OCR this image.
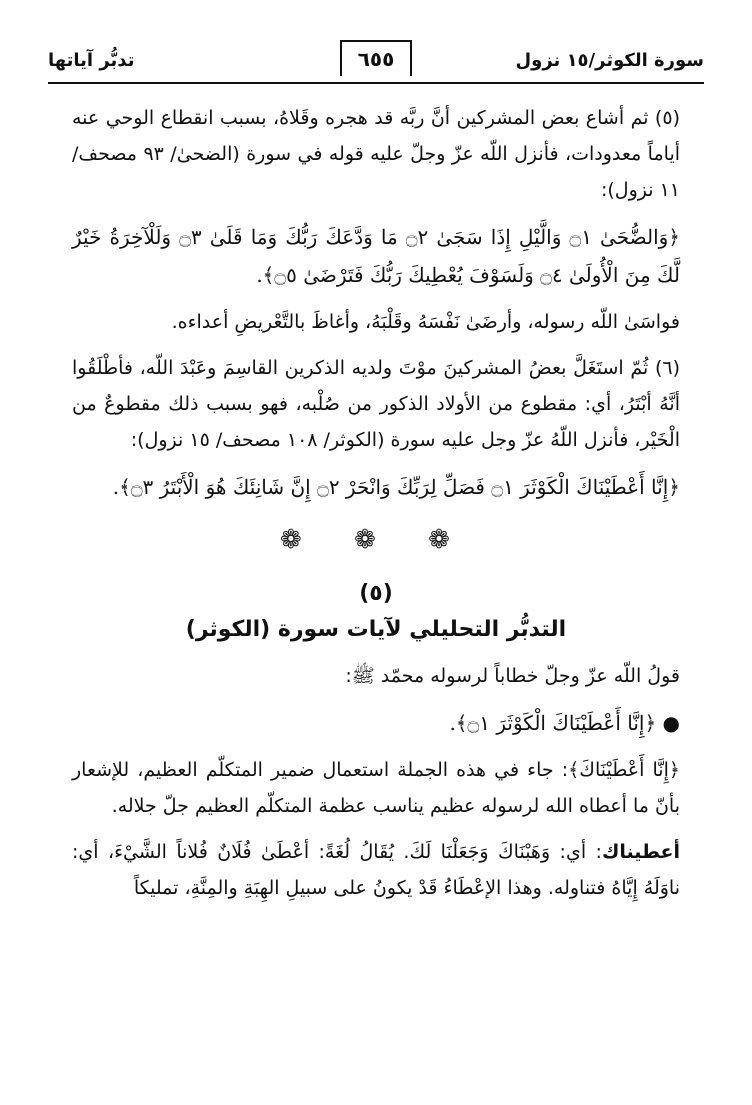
سورة الكوثر/١٥ نزول
٦٥٥
تدبُّر آياتها

(٥) ثم أشاع بعض المشركين أنَّ ربَّه قد هجره وقَلاهُ، بسبب انقطاع الوحي عنه أياماً معدودات، فأنزل اللّه عزّ وجلّ عليه قوله في سورة (الضحىٰ/ ٩٣ مصحف/ ١١ نزول):

﴿وَالضُّحَىٰ ۝١ وَالَّيْلِ إِذَا سَجَىٰ ۝٢ مَا وَدَّعَكَ رَبُّكَ وَمَا قَلَىٰ ۝٣ وَلَلْآخِرَةُ خَيْرٌ لَّكَ مِنَ الْأُولَىٰ ۝٤ وَلَسَوْفَ يُعْطِيكَ رَبُّكَ فَتَرْضَىٰ ۝٥﴾.

فواسَىٰ اللّه رسوله، وأرضَىٰ نَفْسَهُ وقَلْبَهُ، وأغاظَ بالتَّعْريضِ أعداءه.

(٦) ثُمّ استَغَلَّ بعضُ المشركينَ موْتَ ولديه الذكرين القاسِمَ وعَبْدَ اللّه، فأطْلَقُوا أنَّهُ أبْتَرُ، أي: مقطوع من الأولاد الذكور من صُلْبه، فهو بسبب ذلك مقطوعٌ من الْخَيْر، فأنزل اللّهُ عزّ وجل عليه سورة (الكوثر/ ١٠٨ مصحف/ ١٥ نزول):

﴿إِنَّا أَعْطَيْنَاكَ الْكَوْثَرَ ۝١ فَصَلِّ لِرَبِّكَ وَانْحَرْ ۝٢ إِنَّ شَانِئَكَ هُوَ الْأَبْتَرُ ۝٣﴾.

❁ ❁ ❁
(٥)
التدبُّر التحليلي لآيات سورة (الكوثر)

قولُ اللّه عزّ وجلّ خطاباً لرسوله محمّد ﷺ:

● ﴿إِنَّا أَعْطَيْنَاكَ الْكَوْثَرَ ۝١﴾.

﴿إِنَّا أَعْطَيْنَاكَ﴾: جاء في هذه الجملة استعمال ضمير المتكلّم العظيم، للإشعار بأنّ ما أعطاه الله لرسوله عظيم يناسب عظمة المتكلّم العظيم جلّ جلاله.

أعطيناك: أي: وَهَبْنَاكَ وَجَعَلْنَا لَكَ. يُقَالُ لُغَةً: أعْطَىٰ فُلَانٌ فُلاناً الشَّيْءَ، أي: ناوَلَهُ إِيَّاهُ فتناوله. وهذا الإعْطَاءُ قَدْ يكونُ على سبيلِ الهِبَةِ والمِنَّةِ، تمليكاً
